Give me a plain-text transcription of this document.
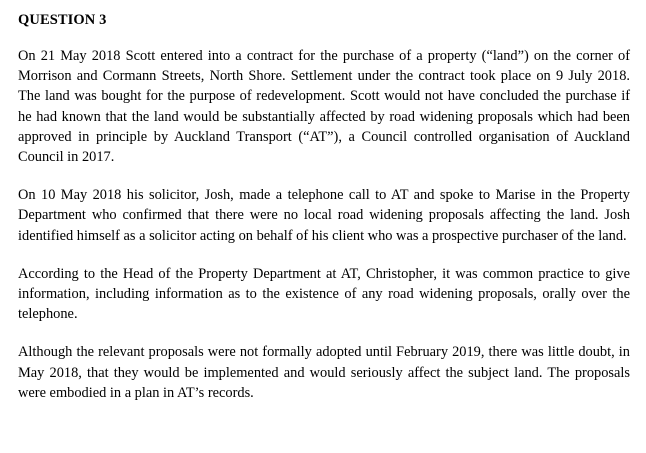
QUESTION 3

On 21 May 2018 Scott entered into a contract for the purchase of a property (“land”) on the corner of Morrison and Cormann Streets, North Shore. Settlement under the contract took place on 9 July 2018. The land was bought for the purpose of redevelopment. Scott would not have concluded the purchase if he had known that the land would be substantially affected by road widening proposals which had been approved in principle by Auckland Transport (“AT”), a Council controlled organisation of Auckland Council in 2017.

On 10 May 2018 his solicitor, Josh, made a telephone call to AT and spoke to Marise in the Property Department who confirmed that there were no local road widening proposals affecting the land. Josh identified himself as a solicitor acting on behalf of his client who was a prospective purchaser of the land.

According to the Head of the Property Department at AT, Christopher, it was common practice to give information, including information as to the existence of any road widening proposals, orally over the telephone.

Although the relevant proposals were not formally adopted until February 2019, there was little doubt, in May 2018, that they would be implemented and would seriously affect the subject land. The proposals were embodied in a plan in AT’s records.
